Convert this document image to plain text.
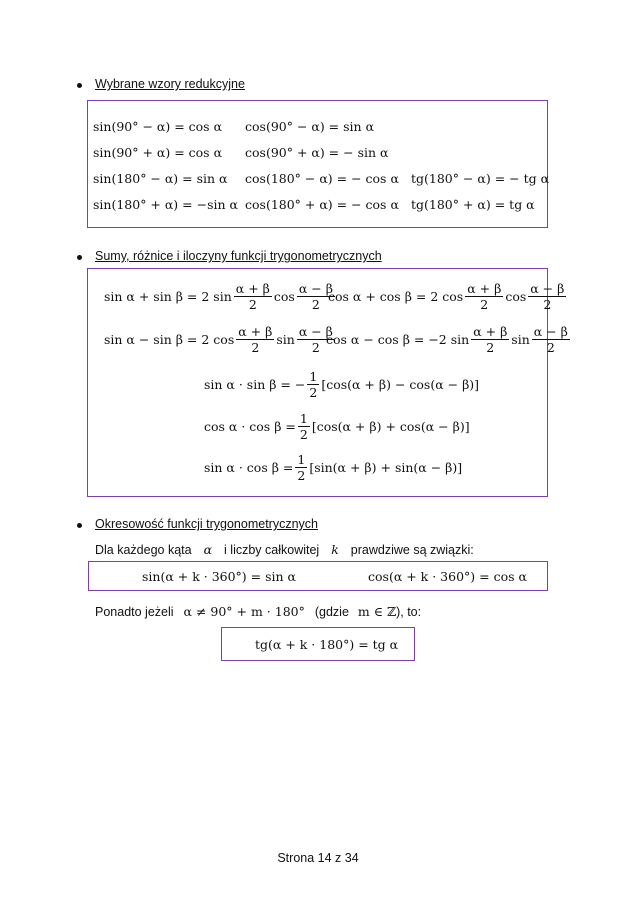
Wybrane wzory redukcyjne
sin(90° − α) = cos α cos(90° − α) = sin α
sin(90° + α) = cos α cos(90° + α) = − sin α
sin(180° − α) = sin α cos(180° − α) = − cos α tg(180° − α) = − tg α
sin(180° + α) = −sin α cos(180° + α) = − cos α tg(180° + α) = tg α
Sumy, różnice i iloczyny funkcji trygonometrycznych
sin α + sin β = 2 $\sin \frac{\alpha + \beta}{2}$ $\cos \frac{\alpha - \beta}{2}$
cos α + cos β = 2 $\cos \frac{\alpha + \beta}{2}$ $\cos \frac{\alpha - \beta}{2}$
sin α − sin β = 2 $\cos \frac{\alpha + \beta}{2}$ $\sin \frac{\alpha - \beta}{2}$
cos α − cos β = −2 $\sin \frac{\alpha + \beta}{2}$ $\sin \frac{\alpha - \beta}{2}$
sin α · sin β = − $\frac{1}{2} [\cos(\alpha + \beta) - \cos(\alpha - \beta)]$
$\cos \alpha \cdot \cos \beta = \frac{1}{2} [\cos(\alpha + \beta) + \cos(\alpha - \beta)]$
$\sin \alpha \cdot \cos \beta = \frac{1}{2} [\sin(\alpha + \beta) + \sin(\alpha - \beta)]$
Okresowość funkcji trygonometrycznych
Dla każdego kąta α i liczby całkowitej k prawdziwe są związki:
sin(α + k · 360°) = sin α	cos(α + k · 360°) = cos α
Ponadto jeżeli α ≠ 90° + m · 180° (gdzie m ∈ ℤ), to:
tg(α + k · 180°) = tg α
Strona 14 z 34
